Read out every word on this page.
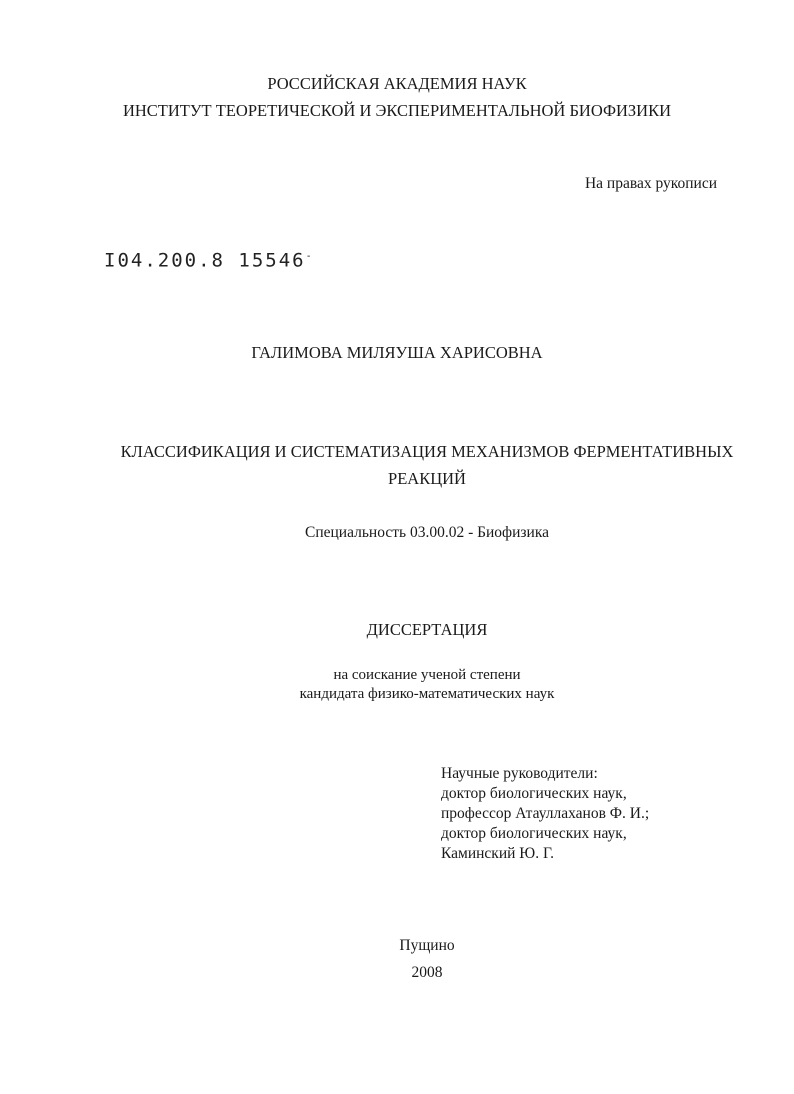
РОССИЙСКАЯ АКАДЕМИЯ НАУК
ИНСТИТУТ ТЕОРЕТИЧЕСКОЙ И ЭКСПЕРИМЕНТАЛЬНОЙ БИОФИЗИКИ
На правах рукописи
І04.200.8 15546-
ГАЛИМОВА МИЛЯУША ХАРИСОВНА
КЛАССИФИКАЦИЯ И СИСТЕМАТИЗАЦИЯ МЕХАНИЗМОВ ФЕРМЕНТАТИВНЫХ
РЕАКЦИЙ
Специальность 03.00.02 - Биофизика
ДИССЕРТАЦИЯ
на соискание ученой степени
кандидата физико-математических наук
Научные руководители:
доктор биологических наук,
профессор Атауллаханов Ф. И.;
доктор биологических наук,
Каминский Ю. Г.
Пущино
2008
